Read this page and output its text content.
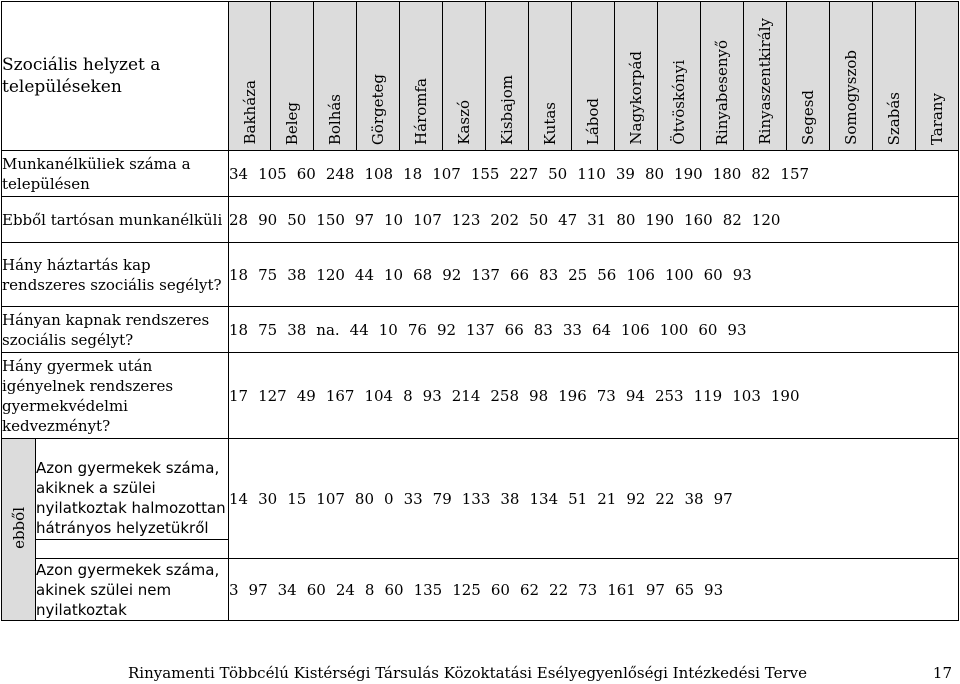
Szociális helyzet a településeken		Bakháza	Beleg	Bolhás	Görgeteg	Háromfa	Kaszó	Kisbajom	Kutas	Lábod	Nagykorpád	Ötvöskónyi	Rinyabesenyő	Rinyaszentkirály	Segesd	Somogyszob	Szabás	Tarany

Munkanélküliek száma a településen		34 105 60 248 108 18 107 155 227 50 110 39 80 190 180 82 157																
Ebből tartósan munkanélküli		28 90 50 150 97 10 107 123 202 50 47 31 80 190 160 82 120																
Hány háztartás kap rendszeres szociális segélyt?		18 75 38 120 44 10 68 92 137 66 83 25 56 106 100 60 93																
Hányan kapnak rendszeres szociális segélyt?		18 75 38 na. 44 10 76 92 137 66 83 33 64 106 100 60 93																
Hány gyermek után igényelnek rendszeres gyermekvédelmi kedvezményt?		17 127 49 167 104 8 93 214 258 98 196 73 94 253 119 103 190																
ebből	Azon gyermekek száma, akiknek a szülei nyilatkoztak halmozottan hátrányos helyzetükről	14 30 15 107 80 0 33 79 133 38 134 51 21 92 22 38 97																
	Azon gyermekek száma, akinek szülei nem nyilatkoztak	3 97 34 60 24 8 60 135 125 60 62 22 73 161 97 65 93																
Rinyamenti Többcélú Kistérségi Társulás Közoktatási Esélyegyenlőségi Intézkedési Terve	17
